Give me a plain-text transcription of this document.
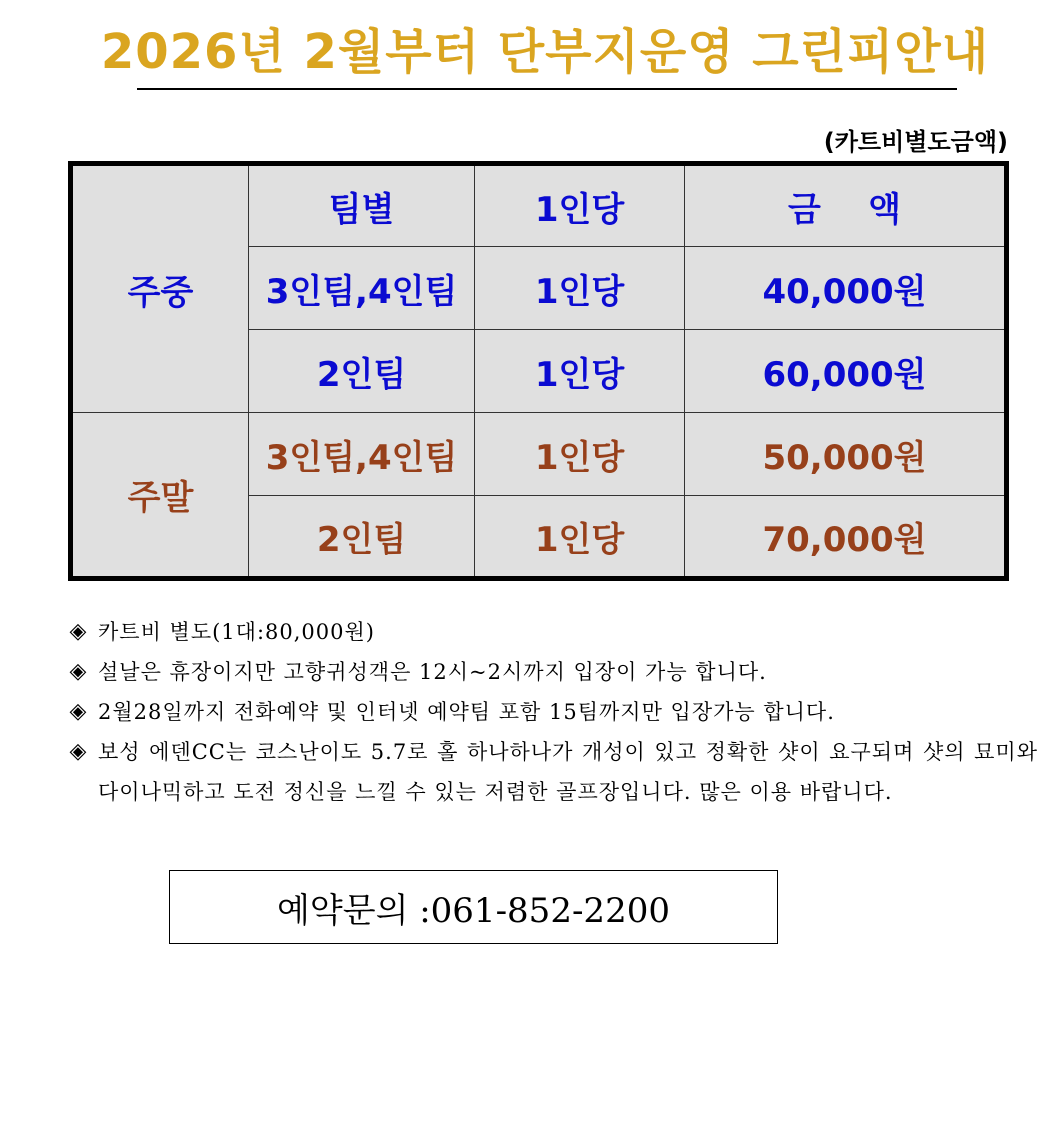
2026년 2월부터 단부지운영 그린피안내
(카트비별도금액)
주중	팀별	1인당	금    액
	3인팀,4인팀	1인당	40,000원
	2인팀	1인당	60,000원
주말	3인팀,4인팀	1인당	50,000원
	2인팀	1인당	70,000원
◈ 카트비 별도(1대:80,000원)
◈ 설날은 휴장이지만 고향귀성객은 12시~2시까지 입장이 가능 합니다.
◈ 2월28일까지 전화예약 및 인터넷 예약팀 포함 15팀까지만 입장가능 합니다.
◈ 보성 에덴CC는 코스난이도 5.7로 홀 하나하나가 개성이 있고 정확한 샷이 요구되며 샷의 묘미와 다이나믹하고 도전 정신을 느낄 수 있는 저렴한 골프장입니다. 많은 이용 바랍니다.
예약문의 :061-852-2200
